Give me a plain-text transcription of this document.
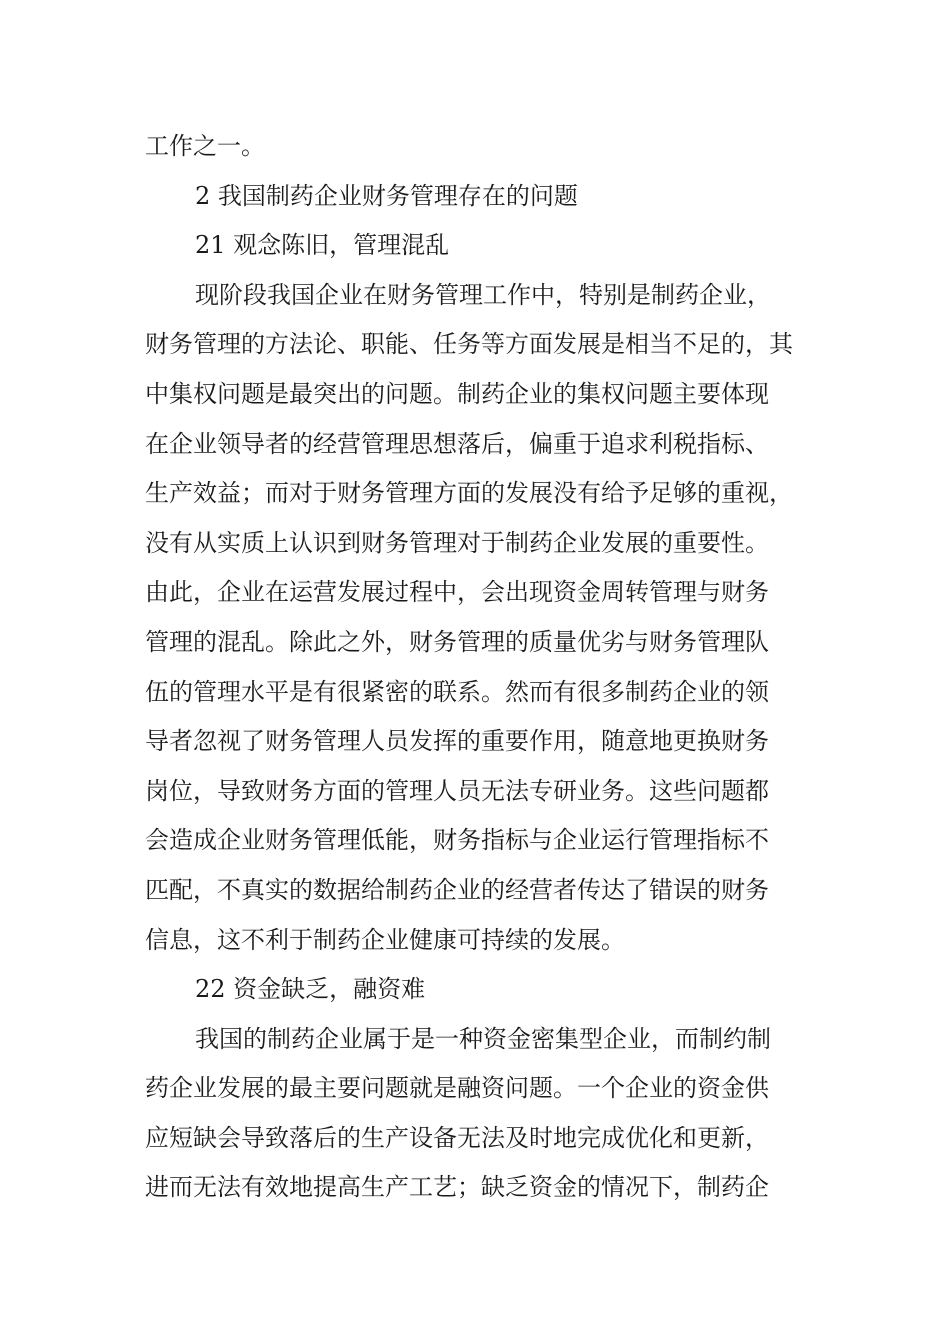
工作之一。
2 我国制药企业财务管理存在的问题
21 观念陈旧，管理混乱
现阶段我国企业在财务管理工作中，特别是制药企业，
财务管理的方法论、职能、任务等方面发展是相当不足的，其
中集权问题是最突出的问题。制药企业的集权问题主要体现
在企业领导者的经营管理思想落后，偏重于追求利税指标、
生产效益；而对于财务管理方面的发展没有给予足够的重视，
没有从实质上认识到财务管理对于制药企业发展的重要性。
由此，企业在运营发展过程中，会出现资金周转管理与财务
管理的混乱。除此之外，财务管理的质量优劣与财务管理队
伍的管理水平是有很紧密的联系。然而有很多制药企业的领
导者忽视了财务管理人员发挥的重要作用，随意地更换财务
岗位，导致财务方面的管理人员无法专研业务。这些问题都
会造成企业财务管理低能，财务指标与企业运行管理指标不
匹配，不真实的数据给制药企业的经营者传达了错误的财务
信息，这不利于制药企业健康可持续的发展。
22 资金缺乏，融资难
我国的制药企业属于是一种资金密集型企业，而制约制
药企业发展的最主要问题就是融资问题。一个企业的资金供
应短缺会导致落后的生产设备无法及时地完成优化和更新，
进而无法有效地提高生产工艺；缺乏资金的情况下，制药企
